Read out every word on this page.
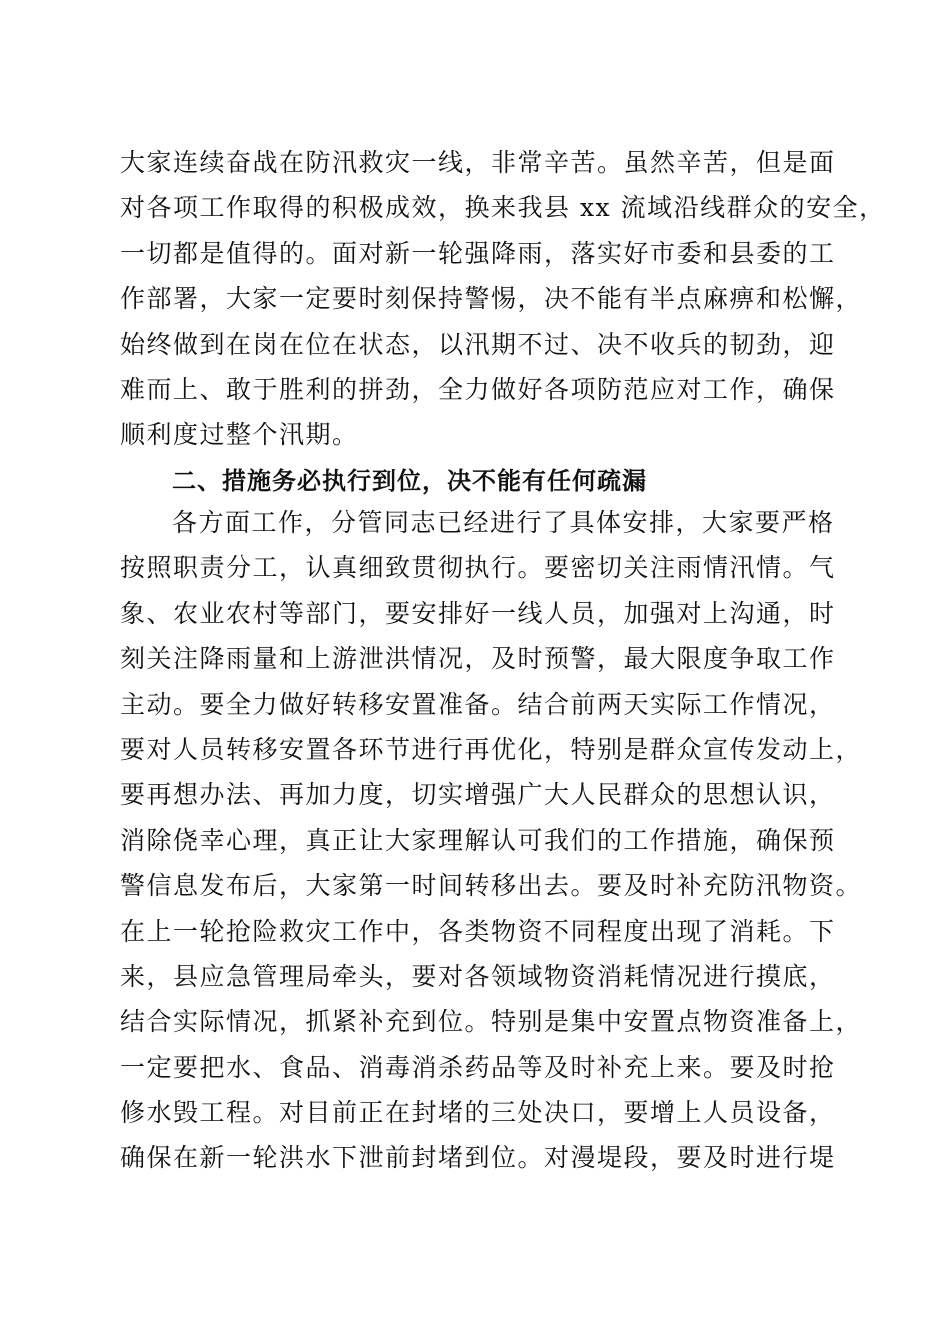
大家连续奋战在防汛救灾一线，非常辛苦。虽然辛苦，但是面
对各项工作取得的积极成效，换来我县 xx 流域沿线群众的安全，
一切都是值得的。面对新一轮强降雨，落实好市委和县委的工
作部署，大家一定要时刻保持警惕，决不能有半点麻痹和松懈，
始终做到在岗在位在状态，以汛期不过、决不收兵的韧劲，迎
难而上、敢于胜利的拼劲，全力做好各项防范应对工作，确保
顺利度过整个汛期。
二、措施务必执行到位，决不能有任何疏漏
各方面工作，分管同志已经进行了具体安排，大家要严格
按照职责分工，认真细致贯彻执行。要密切关注雨情汛情。气
象、农业农村等部门，要安排好一线人员，加强对上沟通，时
刻关注降雨量和上游泄洪情况，及时预警，最大限度争取工作
主动。要全力做好转移安置准备。结合前两天实际工作情况，
要对人员转移安置各环节进行再优化，特别是群众宣传发动上，
要再想办法、再加力度，切实增强广大人民群众的思想认识，
消除侥幸心理，真正让大家理解认可我们的工作措施，确保预
警信息发布后，大家第一时间转移出去。要及时补充防汛物资。
在上一轮抢险救灾工作中，各类物资不同程度出现了消耗。下
来，县应急管理局牵头，要对各领域物资消耗情况进行摸底，
结合实际情况，抓紧补充到位。特别是集中安置点物资准备上，
一定要把水、食品、消毒消杀药品等及时补充上来。要及时抢
修水毁工程。对目前正在封堵的三处决口，要增上人员设备，
确保在新一轮洪水下泄前封堵到位。对漫堤段，要及时进行堤
